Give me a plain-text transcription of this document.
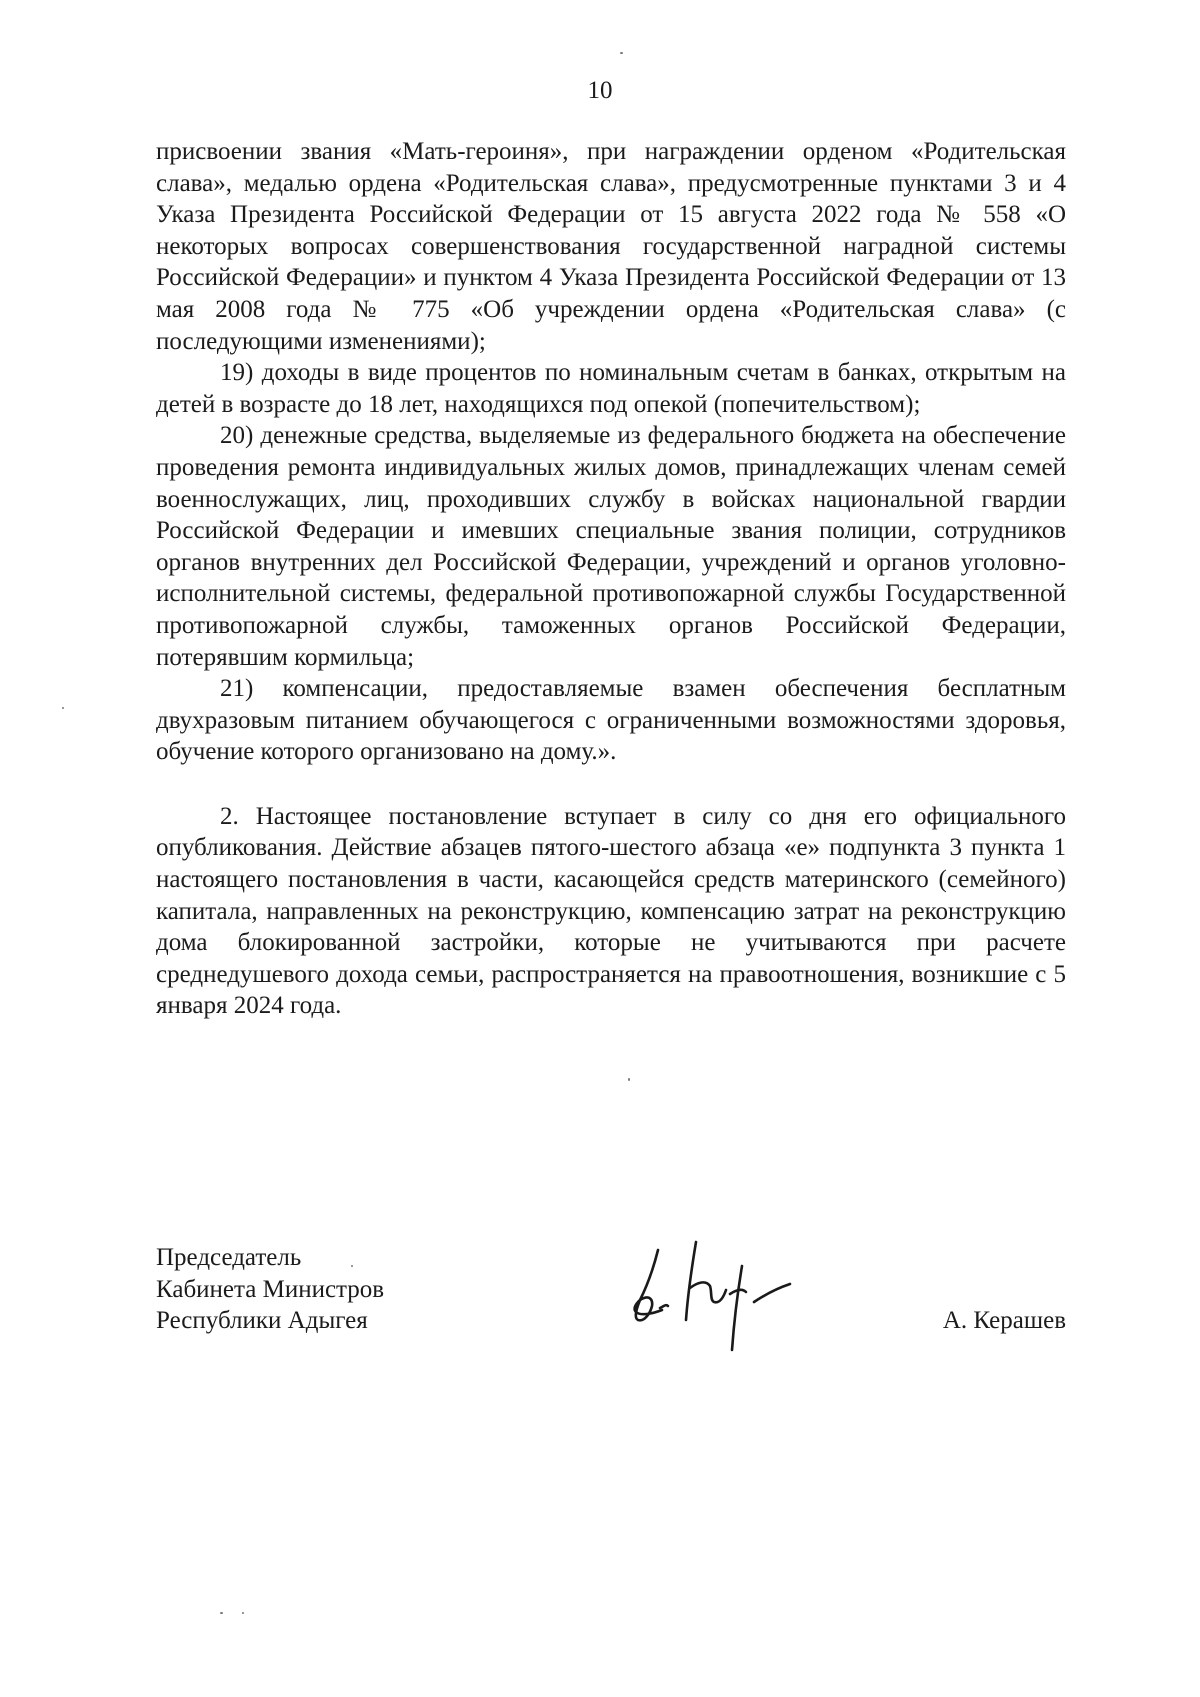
10

присвоении звания «Мать-героиня», при награждении орденом «Родительская слава», медалью ордена «Родительская слава», предусмотренные пунктами 3 и 4 Указа Президента Российской Федерации от 15 августа 2022 года № 558 «О некоторых вопросах совершенствования государственной наградной системы Российской Федерации» и пунктом 4 Указа Президента Российской Федерации от 13 мая 2008 года № 775 «Об учреждении ордена «Родительская слава» (с последующими изменениями);

19) доходы в виде процентов по номинальным счетам в банках, открытым на детей в возрасте до 18 лет, находящихся под опекой (попечительством);

20) денежные средства, выделяемые из федерального бюджета на обеспечение проведения ремонта индивидуальных жилых домов, принадлежащих членам семей военнослужащих, лиц, проходивших службу в войсках национальной гвардии Российской Федерации и имевших специальные звания полиции, сотрудников органов внутренних дел Российской Федерации, учреждений и органов уголовно-исполнительной системы, федеральной противопожарной службы Государственной противопожарной службы, таможенных органов Российской Федерации, потерявшим кормильца;

21) компенсации, предоставляемые взамен обеспечения бесплатным двухразовым питанием обучающегося с ограниченными возможностями здоровья, обучение которого организовано на дому.».

2. Настоящее постановление вступает в силу со дня его официального опубликования. Действие абзацев пятого-шестого абзаца «е» подпункта 3 пункта 1 настоящего постановления в части, касающейся средств материнского (семейного) капитала, направленных на реконструкцию, компенсацию затрат на реконструкцию дома блокированной застройки, которые не учитываются при расчете среднедушевого дохода семьи, распространяется на правоотношения, возникшие с 5 января 2024 года.

Председатель
Кабинета Министров
Республики Адыгея	А. Керашев
